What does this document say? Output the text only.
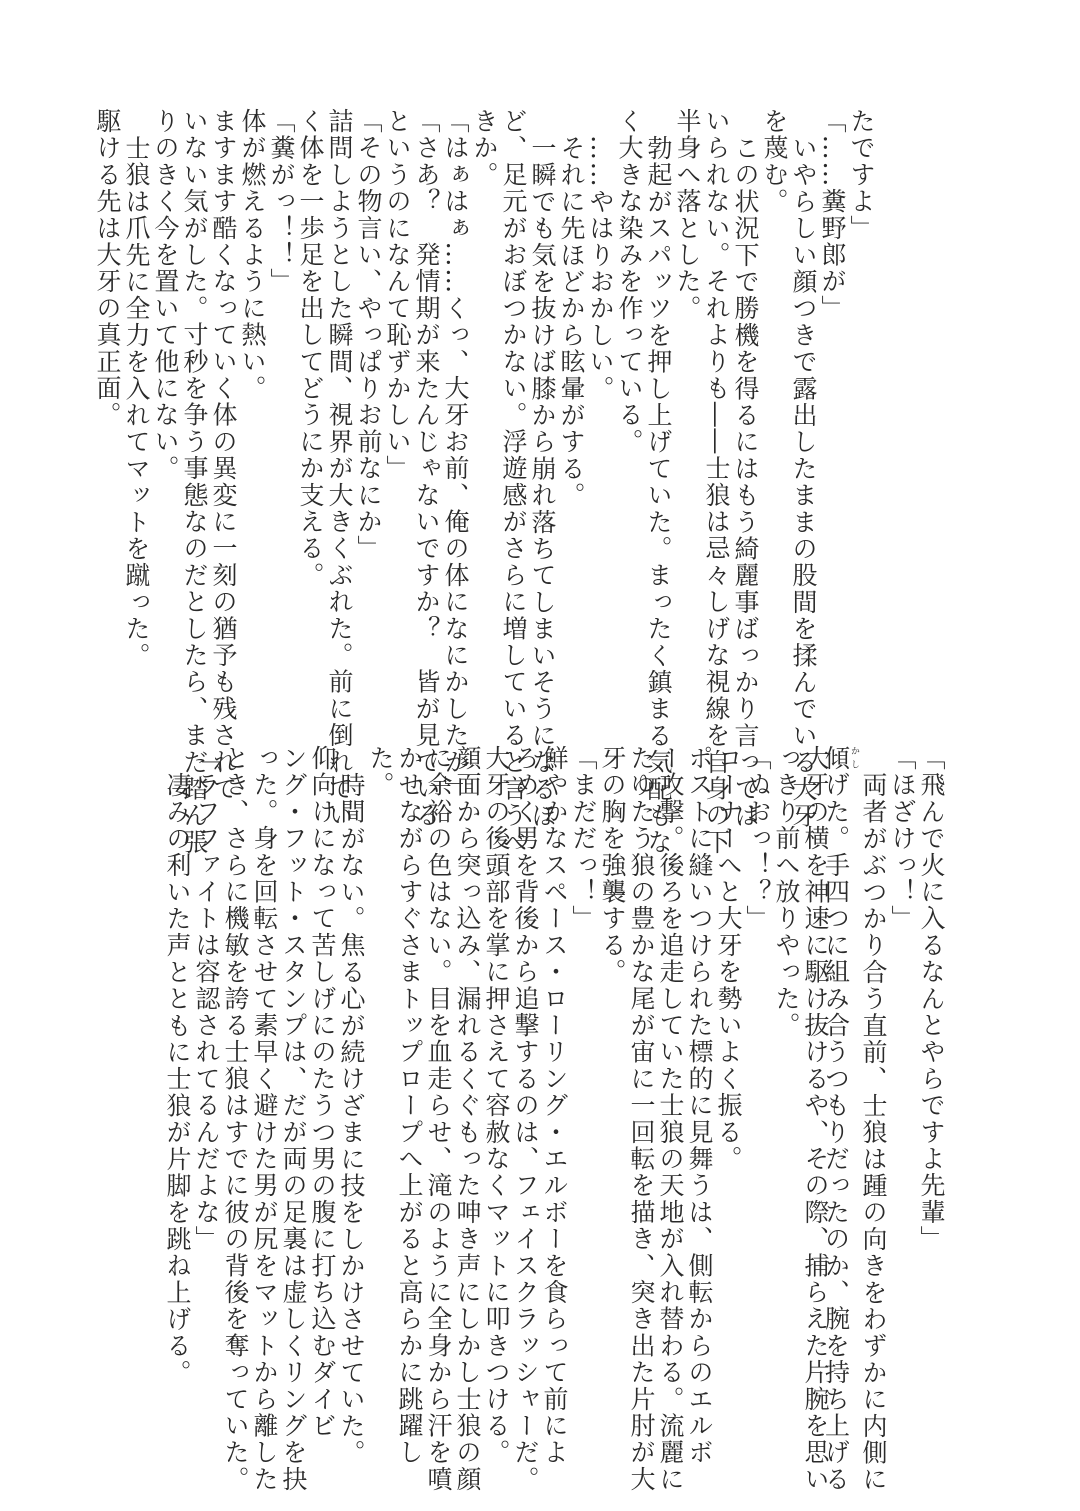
たですよ」
「……糞野郎が」
いやらしい顔つきで露出したままの股間を揉んでいる大牙
を蔑む。
この状況下で勝機を得るにはもう綺麗事ばっかり言っては
いられない。それよりも――士狼は忌々しげな視線を自身の下
半身へ落とした。
勃起がスパッツを押し上げていた。まったく鎮まる気配もな
く大きな染みを作っている。
……やはりおかしい。
それに先ほどから眩暈がする。
一瞬でも気を抜けば膝から崩れ落ちてしまいそうになるほ
ど、足元がおぼつかない。浮遊感がさらに増していると言うべ
きか。
「はぁはぁ……くっ、大牙お前、俺の体になにかしたか」
「さあ？　発情期が来たんじゃないですか？　皆が見ている
というのになんて恥ずかしい」
「その物言い、やっぱりお前なにか」
詰問しようとした瞬間、視界が大きくぶれた。前に倒れてい
く体を一歩足を出してどうにか支える。
「糞がっ！！」
体が燃えるように熱い。
ますます酷くなっていく体の異変に一刻の猶予も残されて
いない気がした。寸秒を争う事態なのだとしたら、まだ踏ん張
りのきく今を置いて他にない。
士狼は爪先に全力を入れてマットを蹴った。
駆ける先は大牙の真正面。
「飛んで火に入るなんとやらですよ先輩」
「ほざけっ！」
両者がぶつかり合う直前、士狼は踵の向きをわずかに内側に
傾かしげた。手四つに組み合うつもりだったのか、腕を持ち上げる
大牙の横を神速に駆け抜けるや、その際、捕らえた片腕を思い
っきり前へ放りやった。
「ぬおっ！？」
コーナーへと大牙を勢いよく振る。
ポストに縫いつけられた標的に見舞うは、側転からのエルボ
ー攻撃。後ろを追走していた士狼の天地が入れ替わる。流麗に
たゆたう狼の豊かな尾が宙に一回転を描き、突き出た片肘が大
牙の胸を強襲する。
「まだだっ！」
鮮やかなスペース・ローリング・エルボーを食らって前によ
ろめく男を背後から追撃するのは、フェイスクラッシャーだ。
大牙の後頭部を掌に押さえて容赦なくマットに叩きつける。
顔面から突っ込み、漏れるくぐもった呻き声にしかし士狼の顔
に余裕の色はない。目を血走らせ、滝のように全身から汗を噴
かせながらすぐさまトップロープへ上がると高らかに跳躍し
た。
時間がない。焦る心が続けざまに技をしかけさせていた。
仰向けになって苦しげにのたうつ男の腹に打ち込むダイビ
ング・フット・スタンプは、だが両の足裏は虚しくリングを抉
った。身を回転させて素早く避けた男が尻をマットから離した
とき、さらに機敏を誇る士狼はすでに彼の背後を奪っていた。
「ラフファイトは容認されてるんだよな」
凄みの利いた声とともに士狼が片脚を跳ね上げる。
